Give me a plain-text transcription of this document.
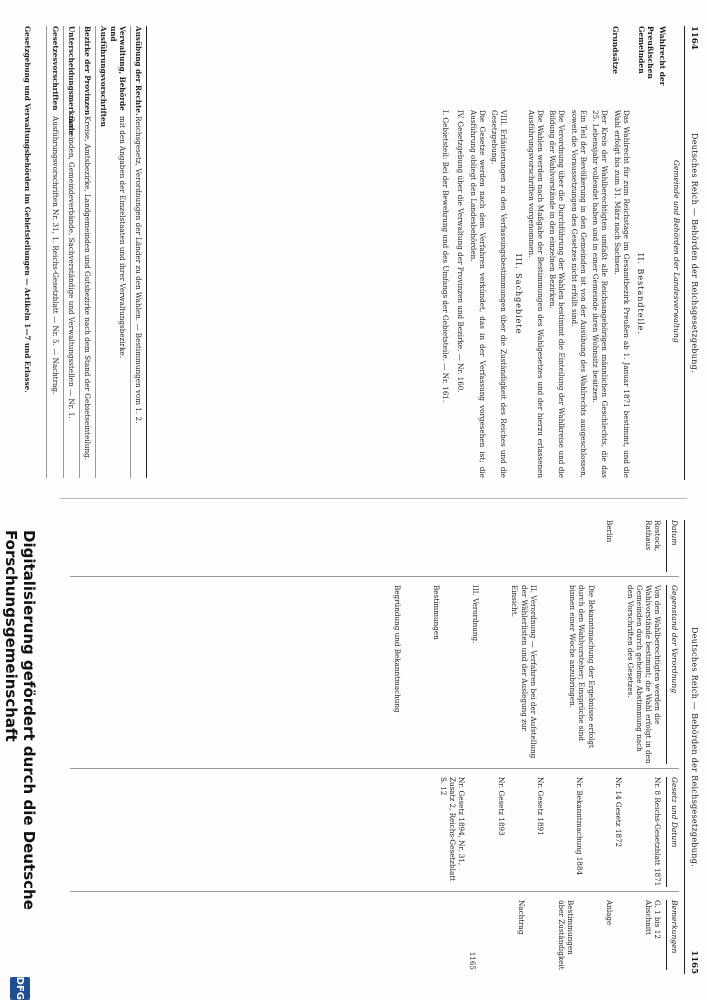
1164
Deutsches Reich — Behörden der Reichsgesetzgebung.
Gemeinde und Behörden der Landesverwaltung
Wahlrecht der
Preußischen Gemeinden
Grundsätze
II. Bestandteile.

Das Wahlrecht für zum Reichstage im Gesamtbezirk Preußen ab 1. Januar 1871 bestimmt, und die Wahl erfolgt bis zum 31. März nach Sachsen.

Der Kreis der Wahlberechtigten umfaßt alle Reichsangehörigen männlichen Geschlechts, die das 25. Lebensjahr vollendet haben und in einer Gemeinde ihren Wohnsitz besitzen.

Ein Teil der Bevölkerung in den Gemeinden ist von der Ausübung des Wahlrechts ausgeschlossen, soweit die Voraussetzungen des Gesetzes nicht erfüllt sind.

Die Verordnung über die Durchführung der Wahlen bestimmt die Einteilung der Wahlkreise und die Bildung der Wahlvorstände in den einzelnen Bezirken.

Die Wahlen werden nach Maßgabe der Bestimmungen des Wahlgesetzes und der hierzu erlassenen Ausführungsvorschriften vorgenommen.

III. Sachgebiete

VIII. Erläuterungen zu den Verfassungsbestimmungen über die Zuständigkeit des Reiches und die Gesetzgebung.

Die Gesetze werden nach dem Verfahren verkündet, das in der Verfassung vorgesehen ist; die Ausführung obliegt den Landesbehörden.

IV. Gesetzgebung über die Verwaltung der Provinzen und Bezirke. — Nr. 160.

I. Gebietsteil: Bei der Bewehrung und des Umfangs der Gebietsteile. — Nr. 161.

Ausübung der Rechte.
Reichsgesetz, Verordnungen der Länder zu den Wahlen. — Bestimmungen vom 1. 2.
Verwaltung, Behörde und Ausführungsvorschriften
mit den Angaben der Einzelstaaten und ihrer Verwaltungsbezirke.
Bezirke der Provinzen
Kreise, Amtsbezirke, Landgemeinden und Gutsbezirke nach dem Stand der Gebietseinteilung.
Unterscheidungsmerkmale
Gemeinden, Gemeindeverbände, Sachverständige und Verwaltungsstellen — Nr. 1.
Gesetzesvorschriften
Ausführungsvorschriften Nr. 31, 1. Reichs-Gesetzblatt — Nr. 5. — Nachtrag.
Gesetzgebung und Verwaltungsbehörden im Gebietsteilungen — Artikeln 1—7 und Erlasse.
Deutsches Reich — Behörden der Reichsgesetzgebung.
1165
Datum
Rostock, Rathaus
Berlin
Gegenstand der Verordnung
Von den Wahlberechtigten werden die Wahlvorstände bestimmt; die Wahl erfolgt in den Gemeinden durch geheime Abstimmung nach den Vorschriften des Gesetzes.
Die Bekanntmachung der Ergebnisse erfolgt durch den Wahlvorsteher; Einsprüche sind binnen einer Woche anzubringen.
II. Verordnung — Verfahren bei der Aufstellung der Wählerlisten und der Auslegung zur Einsicht.
III. Verordnung.
Bestimmungen
Begründung und Bekanntmachung
Gesetz und Datum
Nr. 8 Reichs-Gesetzblatt 1871
Nr. 14 Gesetz 1872
Nr. Bekanntmachung 1884
Nr. Gesetz 1891
Nr. Gesetz 1893
Nr. Gesetz 1894, Nr. 31, Zusatz 2, Reichs-Gesetzblatt S. 12
Bemerkungen
G. 1 bis 12 Abschnitt
Anlage
Bestimmungen über Zuständigkeit
Nachtrag
1165
Digitalisierung gefördert durch die Deutsche Forschungsgemeinschaft
DFG
